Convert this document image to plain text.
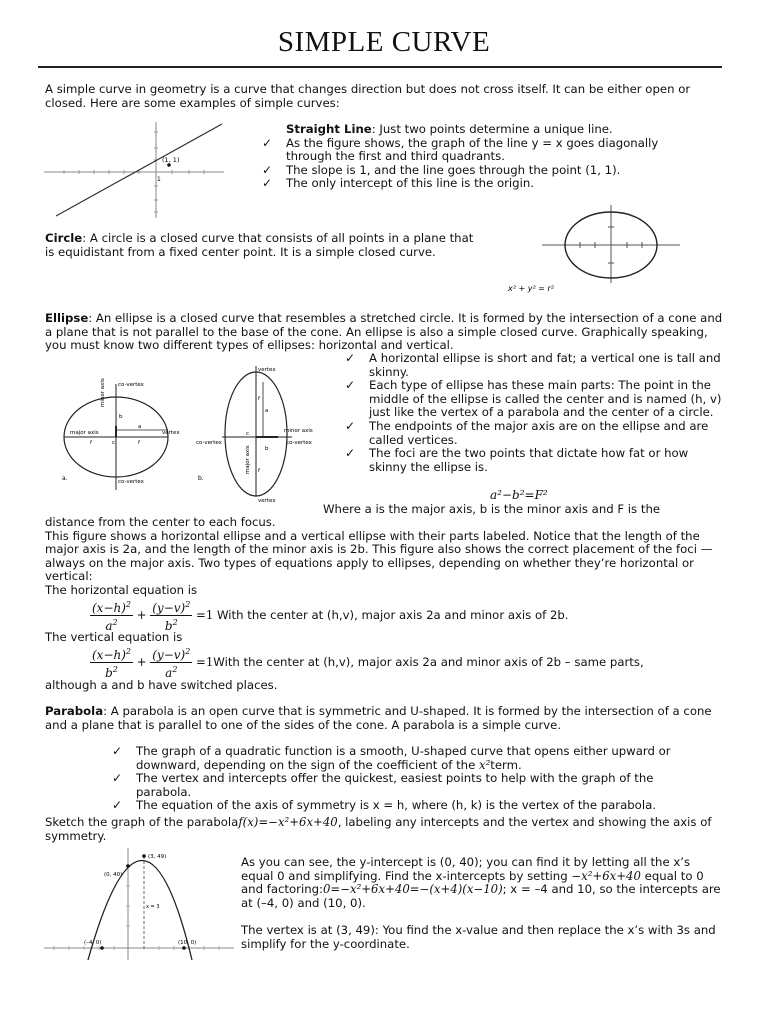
SIMPLE CURVE

A simple curve in geometry is a curve that changes direction but does not cross itself. It can be either open or closed. Here are some examples of simple curves:

(1, 1)
1

Straight Line: Just two points determine a unique line.

✓ As the figure shows, the graph of the line y = x goes diagonally through the first and third quadrants.
✓ The slope is 1, and the line goes through the point (1, 1).
✓ The only intercept of this line is the origin.

Circle: A circle is a closed curve that consists of all points in a plane that is equidistant from a fixed center point. It is a simple closed curve.

x² + y² = r²

Ellipse: An ellipse is a closed curve that resembles a stretched circle. It is formed by the intersection of a cone and a plane that is not parallel to the base of the cone. An ellipse is also a simple closed curve. Graphically speaking, you must know two different types of ellipses: horizontal and vertical.

co-vertex
co-vertex
major axis
minor axis
vertex
f	f
c
a
b
a.
vertex
vertex
co-vertex	co-vertex
minor axis
major axis
f
f
c
a
b
b.
✓ A horizontal ellipse is short and fat; a vertical one is tall and skinny.
✓ Each type of ellipse has these main parts: The point in the middle of the ellipse is called the center and is named (h, v) just like the vertex of a parabola and the center of a circle.
✓ The endpoints of the major axis are on the ellipse and are called vertices.
✓ The foci are the two points that dictate how fat or how skinny the ellipse is.
a²−b²=F²
Where a is the major axis, b is the minor axis and F is the

distance from the center to each focus.

This figure shows a horizontal ellipse and a vertical ellipse with their parts labeled. Notice that the length of the major axis is 2a, and the length of the minor axis is 2b. This figure also shows the correct placement of the foci — always on the major axis. Two types of equations apply to ellipses, depending on whether they’re horizontal or vertical:

The horizontal equation is

$\frac{(x-h)^2}{a^2} + \frac{(y-v)^2}{b^2} =1$ With the center at (h,v), major axis 2a and minor axis of 2b.

The vertical equation is

$\frac{(x-h)^2}{b^2} + \frac{(y-v)^2}{a^2}$ =1With the center at (h,v), major axis 2a and minor axis of 2b – same parts,

although a and b have switched places.

Parabola: A parabola is an open curve that is symmetric and U-shaped. It is formed by the intersection of a cone and a plane that is parallel to one of the sides of the cone. A parabola is a simple curve.

✓ The graph of a quadratic function is a smooth, U-shaped curve that opens either upward or downward, depending on the sign of the coefficient of the x²term.
✓ The vertex and intercepts offer the quickest, easiest points to help with the graph of the parabola.
✓ The equation of the axis of symmetry is x = h, where (h, k) is the vertex of the parabola.

Sketch the graph of the parabolaf(x)=−x²+6x+40, labeling any intercepts and the vertex and showing the axis of symmetry.

(3, 49)
(0, 40)
(–4, 0)	(10, 0)
x = 3

As you can see, the y-intercept is (0, 40); you can find it by letting all the x’s equal 0 and simplifying. Find the x-intercepts by setting −x²+6x+40 equal to 0 and factoring:0=−x²+6x+40=−(x+4)(x−10); x = –4 and 10, so the intercepts are at (–4, 0) and (10, 0).

The vertex is at (3, 49): You find the x-value and then replace the x’s with 3s and simplify for the y-coordinate.
